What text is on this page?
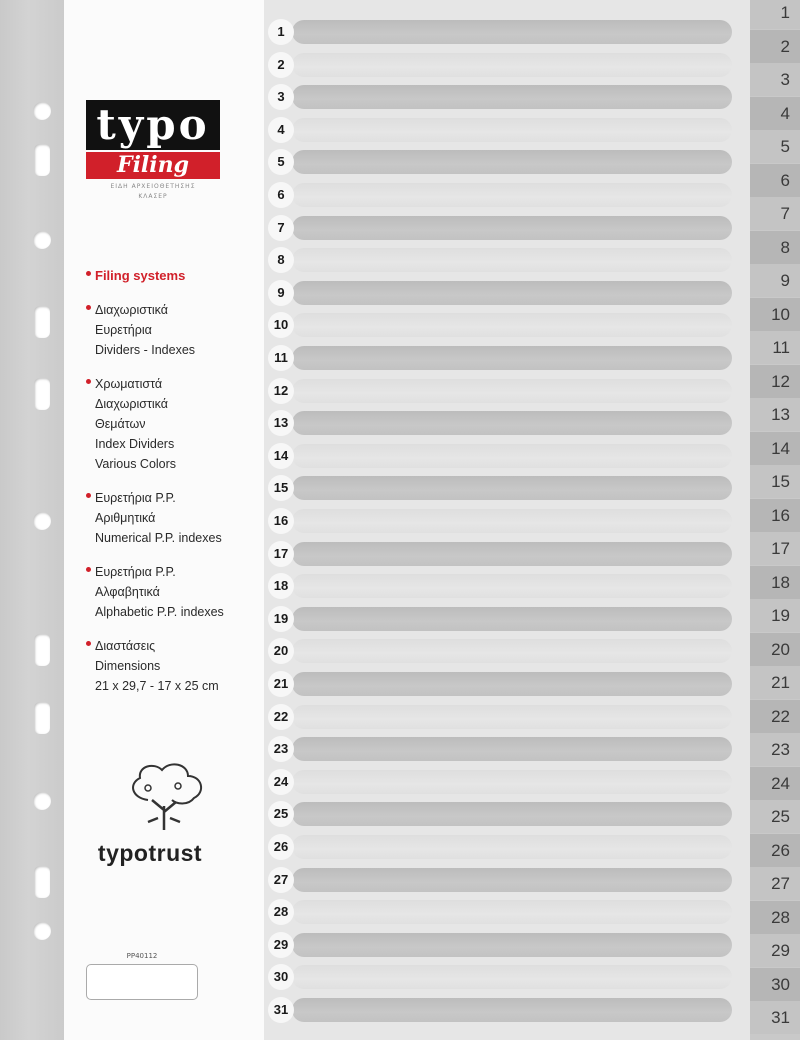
typo
Filing
ΕΙΔΗ ΑΡΧΕΙΟΘΕΤΗΣΗΣ
ΚΛΑΣΕΡ
Filing systems
Διαχωριστικά
Ευρετήρια
Dividers - Indexes
Χρωματιστά
Διαχωριστικά
Θεμάτων
Index Dividers
Various Colors
Ευρετήρια P.P.
Αριθμητικά
Numerical P.P. indexes
Ευρετήρια P.P.
Αλφαβητικά
Alphabetic P.P. indexes
Διαστάσεις
Dimensions
21 x 29,7 - 17 x 25 cm
typotrust
PP40112
1
2
3
4
5
6
7
8
9
10
11
12
13
14
15
16
17
18
19
20
21
22
23
24
25
26
27
28
29
30
31
1
2
3
4
5
6
7
8
9
10
11
12
13
14
15
16
17
18
19
20
21
22
23
24
25
26
27
28
29
30
31
